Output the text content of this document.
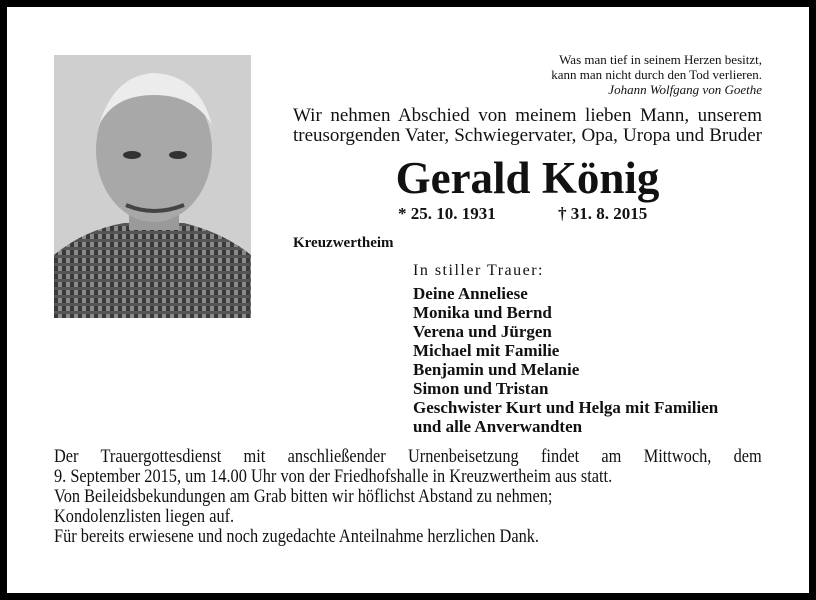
Was man tief in seinem Herzen besitzt,
kann man nicht durch den Tod verlieren.
Johann Wolfgang von Goethe
Wir nehmen Abschied von meinem lieben Mann, unserem
treusorgenden Vater, Schwiegervater, Opa, Uropa und Bruder
Gerald König
* 25. 10. 1931	† 31. 8. 2015
Kreuzwertheim
In stiller Trauer:
Deine Anneliese
Monika und Bernd
Verena und Jürgen
Michael mit Familie
Benjamin und Melanie
Simon und Tristan
Geschwister Kurt und Helga mit Familien
und alle Anverwandten
Der Trauergottesdienst mit anschließender Urnenbeisetzung findet am Mittwoch, dem
9. September 2015, um 14.00 Uhr von der Friedhofshalle in Kreuzwertheim aus statt.
Von Beileidsbekundungen am Grab bitten wir höflichst Abstand zu nehmen;
Kondolenzlisten liegen auf.
Für bereits erwiesene und noch zugedachte Anteilnahme herzlichen Dank.
